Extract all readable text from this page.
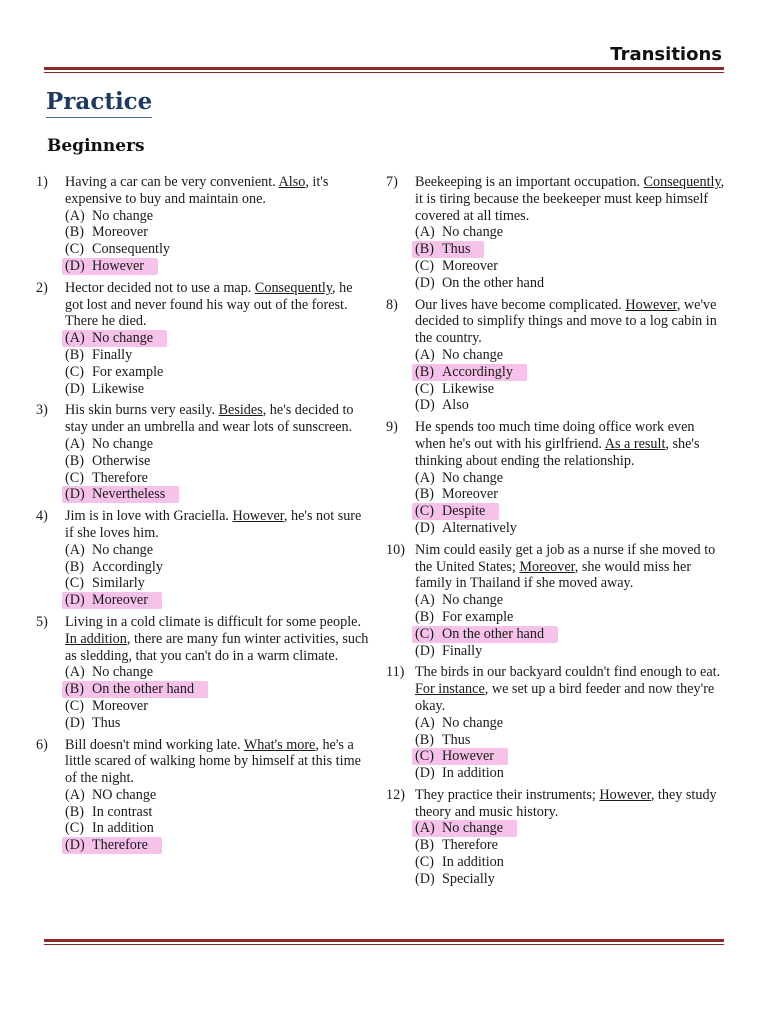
Transitions
Practice
Beginners
1) Having a car can be very convenient. Also, it's expensive to buy and maintain one.
(A) No change
(B) Moreover
(C) Consequently
(D) However
2) Hector decided not to use a map. Consequently, he got lost and never found his way out of the forest. There he died.
(A) No change
(B) Finally
(C) For example
(D) Likewise
3) His skin burns very easily. Besides, he's decided to stay under an umbrella and wear lots of sunscreen.
(A) No change
(B) Otherwise
(C) Therefore
(D) Nevertheless
4) Jim is in love with Graciella. However, he's not sure if she loves him.
(A) No change
(B) Accordingly
(C) Similarly
(D) Moreover
5) Living in a cold climate is difficult for some people. In addition, there are many fun winter activities, such as sledding, that you can't do in a warm climate.
(A) No change
(B) On the other hand
(C) Moreover
(D) Thus
6) Bill doesn't mind working late. What's more, he's a little scared of walking home by himself at this time of the night.
(A) NO change
(B) In contrast
(C) In addition
(D) Therefore
7) Beekeeping is an important occupation. Consequently, it is tiring because the beekeeper must keep himself covered at all times.
(A) No change
(B) Thus
(C) Moreover
(D) On the other hand
8) Our lives have become complicated. However, we've decided to simplify things and move to a log cabin in the country.
(A) No change
(B) Accordingly
(C) Likewise
(D) Also
9) He spends too much time doing office work even when he's out with his girlfriend. As a result, she's thinking about ending the relationship.
(A) No change
(B) Moreover
(C) Despite
(D) Alternatively
10) Nim could easily get a job as a nurse if she moved to the United States; Moreover, she would miss her family in Thailand if she moved away.
(A) No change
(B) For example
(C) On the other hand
(D) Finally
11) The birds in our backyard couldn't find enough to eat. For instance, we set up a bird feeder and now they're okay.
(A) No change
(B) Thus
(C) However
(D) In addition
12) They practice their instruments; However, they study theory and music history.
(A) No change
(B) Therefore
(C) In addition
(D) Specially
